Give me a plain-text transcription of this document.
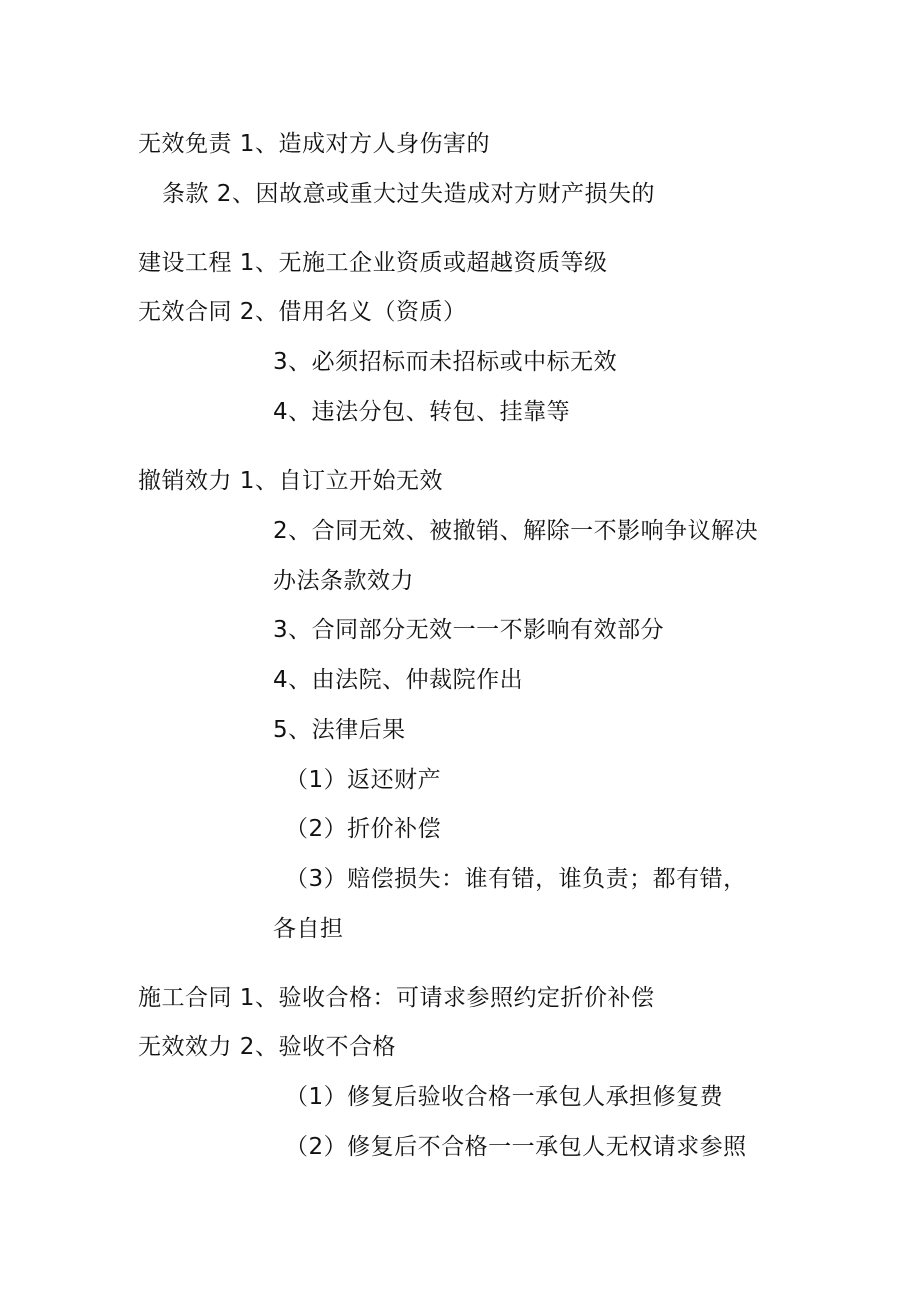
无效免责 1、造成对方人身伤害的
条款 2、因故意或重大过失造成对方财产损失的
建设工程 1、无施工企业资质或超越资质等级
无效合同 2、借用名义（资质）
3、必须招标而未招标或中标无效
4、违法分包、转包、挂靠等
撤销效力 1、自订立开始无效
2、合同无效、被撤销、解除一不影响争议解决
办法条款效力
3、合同部分无效一一不影响有效部分
4、由法院、仲裁院作出
5、法律后果
（1）返还财产
（2）折价补偿
（3）赔偿损失：谁有错，谁负责；都有错，
各自担
施工合同 1、验收合格：可请求参照约定折价补偿
无效效力 2、验收不合格
（1）修复后验收合格一承包人承担修复费
（2）修复后不合格一一承包人无权请求参照
